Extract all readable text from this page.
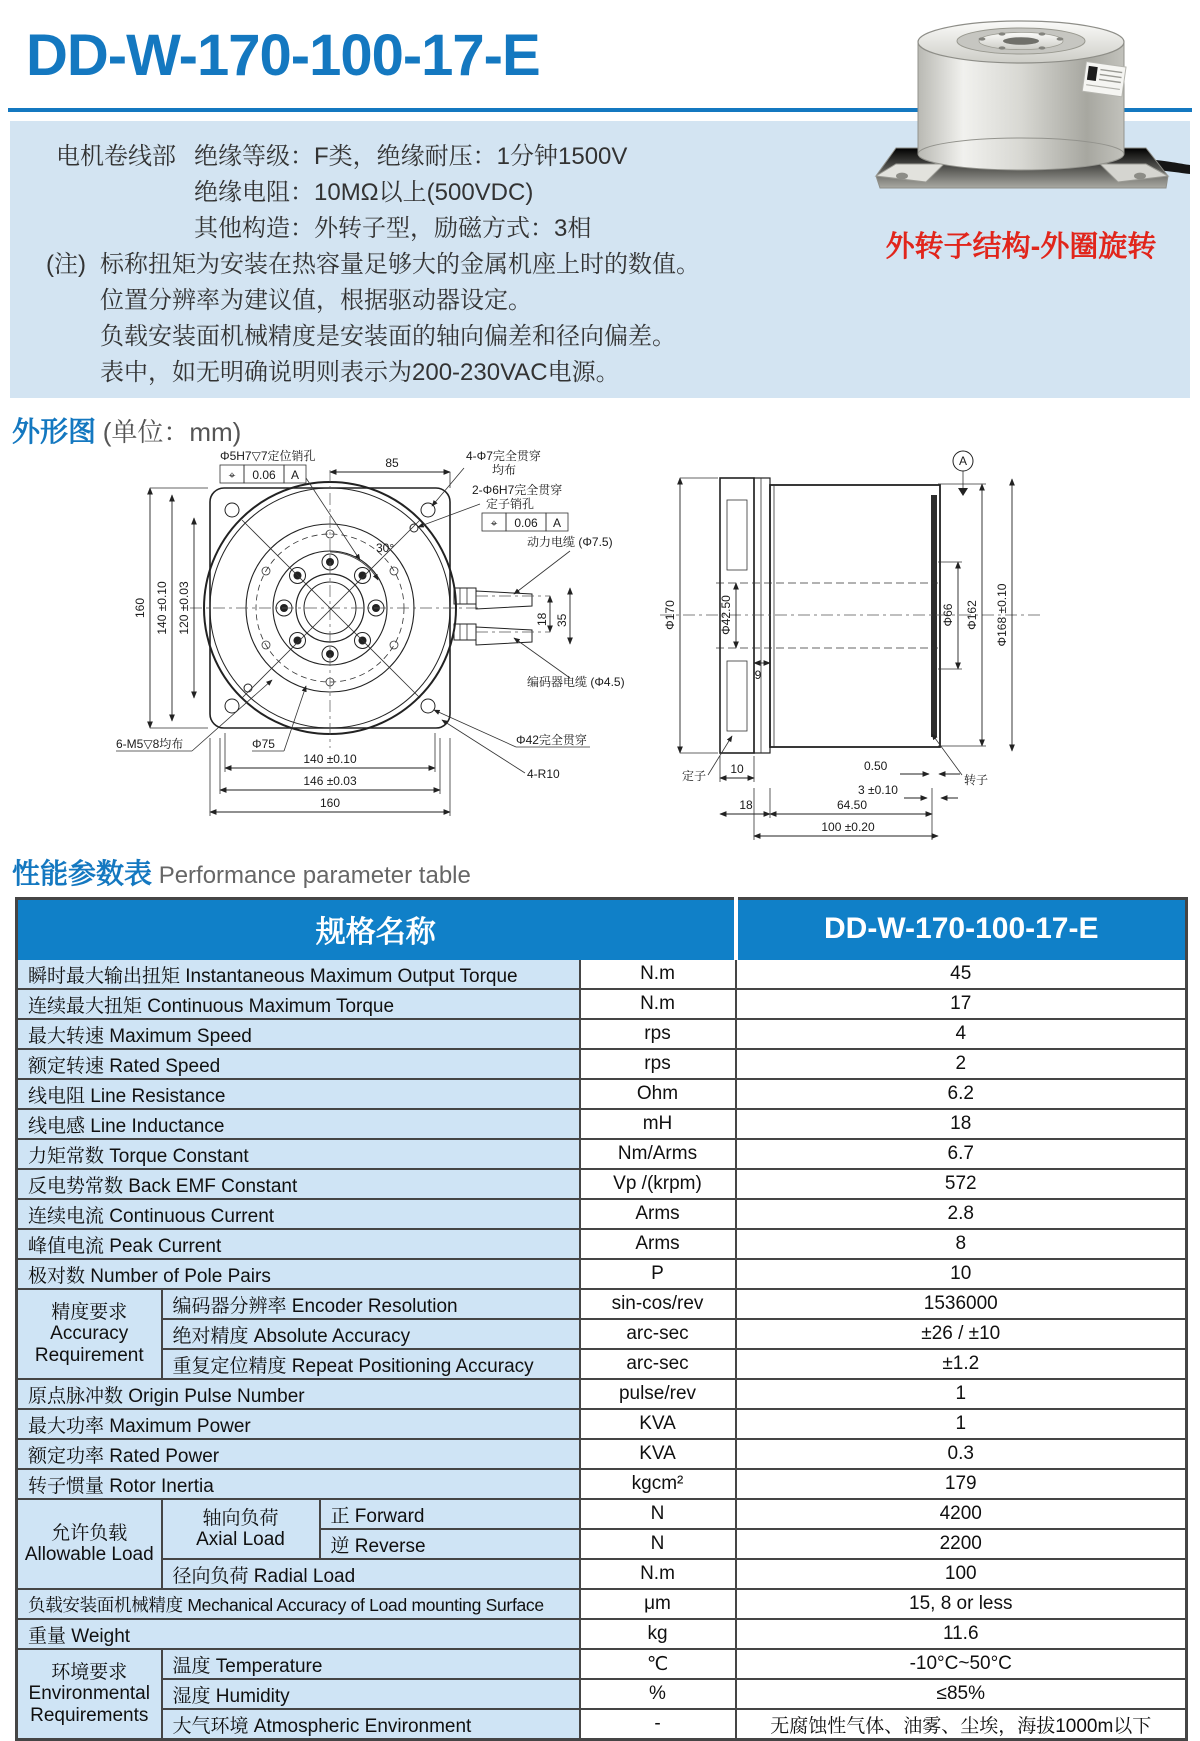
DD-W-170-100-17-E
电机卷线部 绝缘等级：F类，绝缘耐压：1分钟1500V
绝缘电阻：10MΩ以上(500VDC)
其他构造：外转子型，励磁方式：3相
(注) 标称扭矩为安装在热容量足够大的金属机座上时的数值。
位置分辨率为建议值，根据驱动器设定。
负载安装面机械精度是安装面的轴向偏差和径向偏差。
表中，如无明确说明则表示为200-230VAC电源。
外转子结构-外圈旋转
外形图 (单位：mm)
85
Φ5H7▽7定位销孔
⌖ 0.06 A
4-Φ7完全贯穿
均布
2-Φ6H7完全贯穿
定子销孔
⌖ 0.06 A
30°
18 35
动力电缆 (Φ7.5)
编码器电缆 (Φ4.5)
160 140 ±0.10 120 ±0.03
6-M5▽8均布	Φ75
140 ±0.10
146 ±0.03
160
Φ42完全贯穿
4-R10
Φ170	Φ42.50
9
Φ66 Φ162 Φ168 ±0.10
A
定子 10	0.50
3 ±0.10
转子
18	64.50
100 ±0.20
性能参数表 Performance parameter table
规格名称				DD-W-170-100-17-E
瞬时最大输出扭矩 Instantaneous Maximum Output Torque			N.m	45
连续最大扭矩 Continuous Maximum Torque			N.m	17
最大转速 Maximum Speed			rps	4
额定转速 Rated Speed			rps	2
线电阻 Line Resistance			Ohm	6.2
线电感 Line Inductance			mH	18
力矩常数 Torque Constant			Nm/Arms	6.7
反电势常数 Back EMF Constant			Vp /(krpm)	572
连续电流 Continuous Current			Arms	2.8
峰值电流 Peak Current			Arms	8
极对数 Number of Pole Pairs			P	10

精度要求
Accuracy Requirement	编码器分辨率 Encoder Resolution		sin-cos/rev	1536000
	绝对精度 Absolute Accuracy		arc-sec	±26 / ±10
	重复定位精度 Repeat Positioning Accuracy		arc-sec	±1.2
原点脉冲数 Origin Pulse Number			pulse/rev	1
最大功率 Maximum Power			KVA	1
额定功率 Rated Power			KVA	0.3
转子惯量 Rotor Inertia			kgcm²	179

允许负载
Allowable Load

轴向负荷
Axial Load
	正 Forward	N	4200
		逆 Reverse	N	2200
	径向负荷 Radial Load		N.m	100
负载安装面机械精度 Mechanical Accuracy of Load mounting Surface			μm	15, 8 or less
重量 Weight			kg	11.6

环境要求
Environmental Requirements	温度 Temperature		℃	-10°C~50°C
	湿度 Humidity		%	≤85%
	大气环境 Atmospheric Environment		-	无腐蚀性气体、油雾、尘埃，海拔1000m以下
